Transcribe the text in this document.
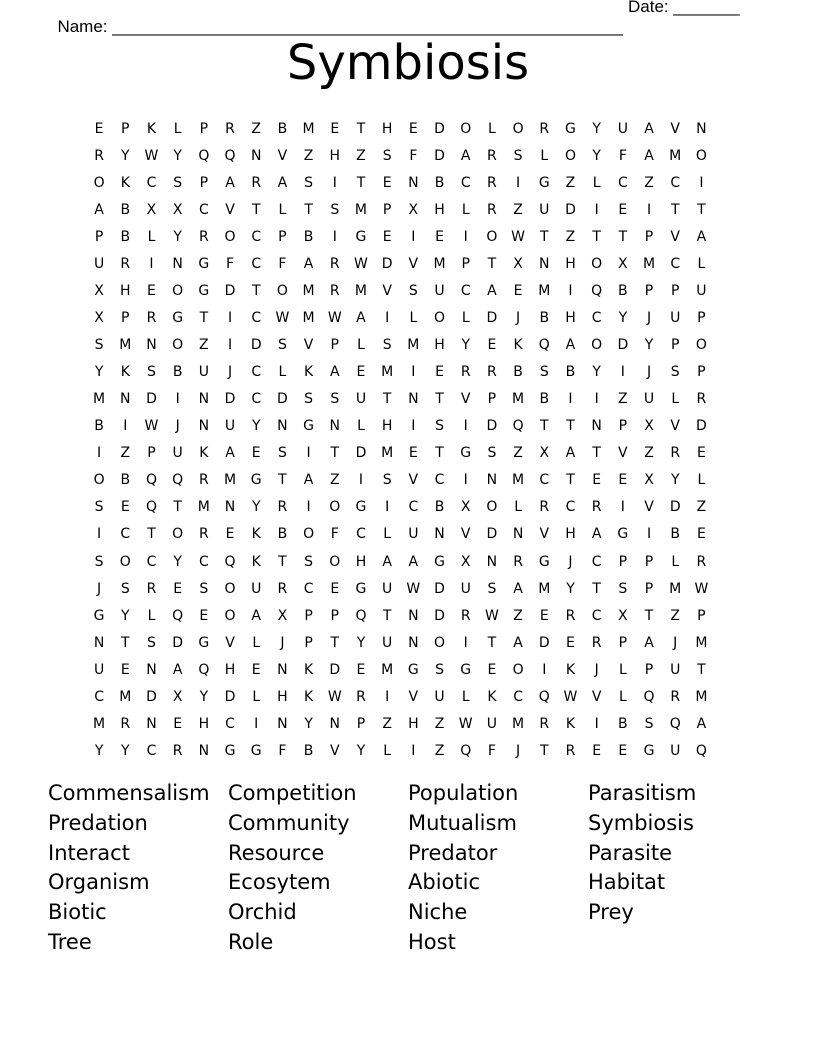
Name: ______________________________________________________

Date: _______

Symbiosis
E	P	K	L	P	R	Z	B	M	E	T	H	E	D	O	L	O	R	G	Y	U	A	V	N
R	Y	W	Y	Q	Q	N	V	Z	H	Z	S	F	D	A	R	S	L	O	Y	F	A	M	O
O	K	C	S	P	A	R	A	S	I	T	E	N	B	C	R	I	G	Z	L	C	Z	C	I
A	B	X	X	C	V	T	L	T	S	M	P	X	H	L	R	Z	U	D	I	E	I	T	T
P	B	L	Y	R	O	C	P	B	I	G	E	I	E	I	O W	T	Z	T	T	P	V	A
U	R	I	N	G	F	C	F	A	R	W D	V	M	P	T	X	N	H	O	X	M	C	L
X	H	E	O	G	D	T	O	M	R	M	V	S	U	C	A	E	M	I	Q	B	P	P	U
X	P	R	G	T	I	C	W M W	A	I	L	O	L	D	J	B	H	C	Y	J	U	P
S	M	N	O	Z	I	D	S	V	P	L	S	M	H	Y	E	K	Q	A	O	D	Y	P	O
Y	K	S	B	U	J	C	L	K	A	E	M	I	E	R	R	B	S	B	Y	I	J	S	P
M	N	D	I	N	D	C	D	S	S	U	T	N	T	V	P	M	B	I	I	Z	U	L	R
B	I	W	J	N	U	Y	N	G	N	L	H	I	S	I	D	Q	T	T	N	P	X	V	D
I	Z	P	U	K	A	E	S	I	T	D	M	E	T	G	S	Z	X	A	T	V	Z	R	E
O	B	Q	Q	R	M	G	T	A	Z	I	S	V	C	I	N	M	C	T	E	E	X	Y	L
S	E	Q	T	M	N	Y	R	I	O	G	I	C	B	X	O	L	R	C	R	I	V	D	Z
I	C	T	O	R	E	K	B	O	F	C	L	U	N	V	D	N	V	H	A	G	I	B	E
S	O	C	Y	C	Q	K	T	S	O	H	A	A	G	X	N	R	G	J	C	P	P	L	R
J	S	R	E	S	O	U	R	C	E	G	U	W D	U	S	A	M	Y	T	S	P	M W
G	Y	L	Q	E	O	A	X	P	P	Q	T	N	D	R	W	Z	E	R	C	X	T	Z	P
N	T	S	D	G	V	L	J	P	T	Y	U	N	O	I	T	A	D	E	R	P	A	J	M
U	E	N	A	Q	H	E	N	K	D	E	M	G	S	G	E	O	I	K	J	L	P	U	T
C	M	D	X	Y	D	L	H	K	W	R	I	V	U	L	K	C	Q W	V	L	Q	R	M
M	R	N	E	H	C	I	N	Y	N	P	Z	H	Z	W	U	M	R	K	I	B	S	Q	A
Y	Y	C	R	N	G	G	F	B	V	Y	L	I	Z	Q	F	J	T	R	E	E	G	U	Q
Commensalism Competition	Population	Parasitism
Predation	Community	Mutualism	Symbiosis
Interact	Resource	Predator	Parasite
Organism	Ecosytem	Abiotic	Habitat
Biotic	Orchid	Niche	Prey
Tree	Role	Host
